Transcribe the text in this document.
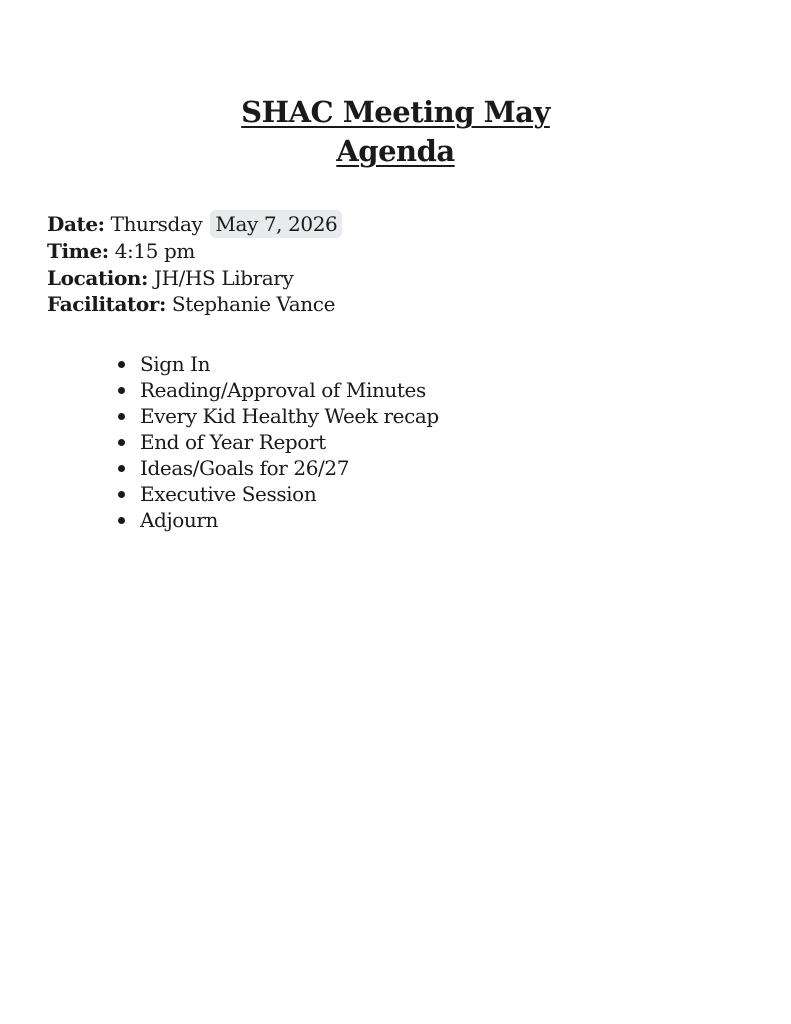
SHAC Meeting May
Agenda
Date: Thursday May 7, 2026
Time: 4:15 pm
Location: JH/HS Library
Facilitator: Stephanie Vance
Sign In
Reading/Approval of Minutes
Every Kid Healthy Week recap
End of Year Report
Ideas/Goals for 26/27
Executive Session
Adjourn
